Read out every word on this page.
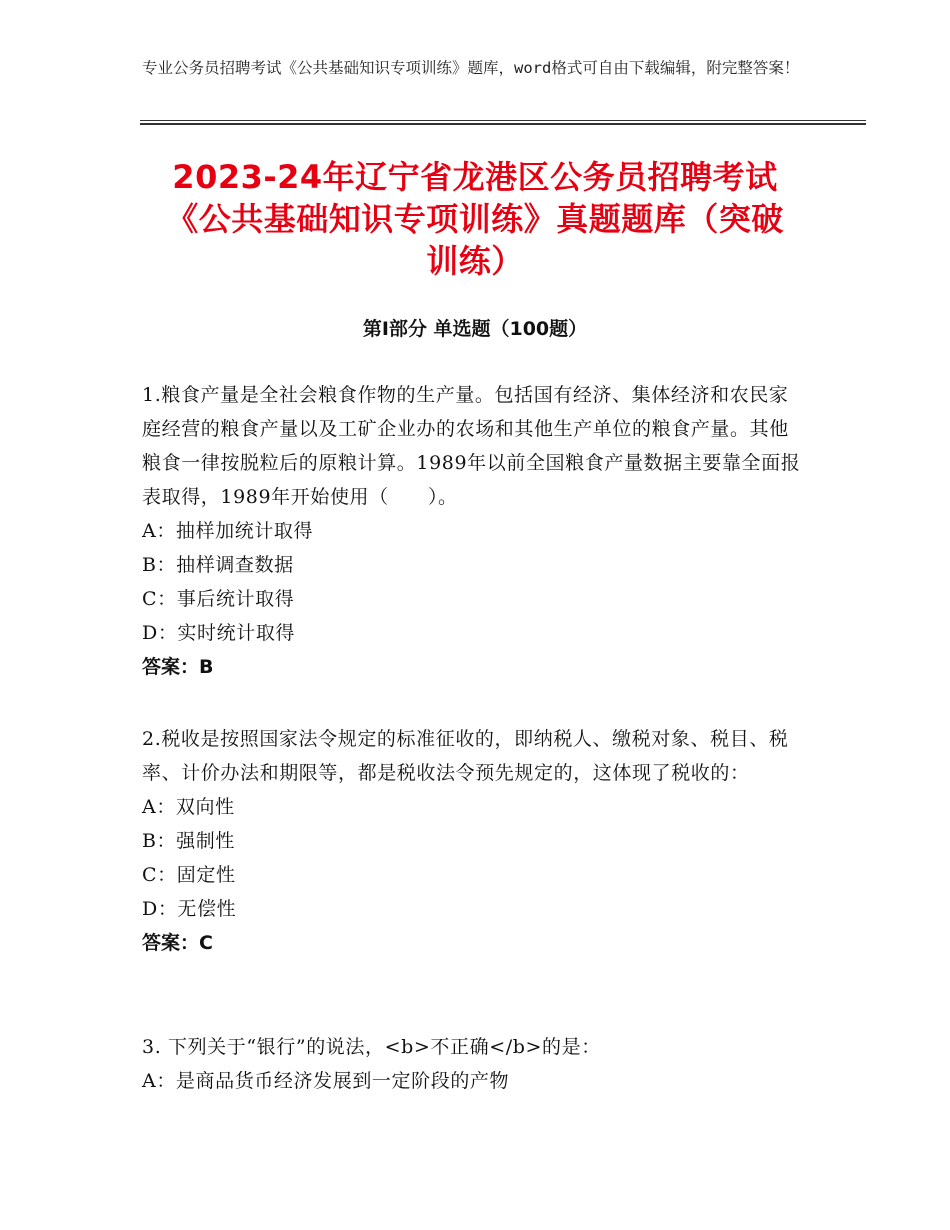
专业公务员招聘考试《公共基础知识专项训练》题库，word格式可自由下载编辑，附完整答案！
2023-24年辽宁省龙港区公务员招聘考试
《公共基础知识专项训练》真题题库（突破
训练）
第Ⅰ部分 单选题（100题）

1.粮食产量是全社会粮食作物的生产量。包括国有经济、集体经济和农民家庭经营的粮食产量以及工矿企业办的农场和其他生产单位的粮食产量。其他粮食一律按脱粒后的原粮计算。1989年以前全国粮食产量数据主要靠全面报表取得，1989年开始使用（　　）。

A：抽样加统计取得

B：抽样调查数据

C：事后统计取得

D：实时统计取得

答案：B

2.税收是按照国家法令规定的标准征收的，即纳税人、缴税对象、税目、税率、计价办法和期限等，都是税收法令预先规定的，这体现了税收的：

A：双向性

B：强制性

C：固定性

D：无偿性

答案：C

3. 下列关于“银行”的说法，<b>不正确</b>的是：

A：是商品货币经济发展到一定阶段的产物
